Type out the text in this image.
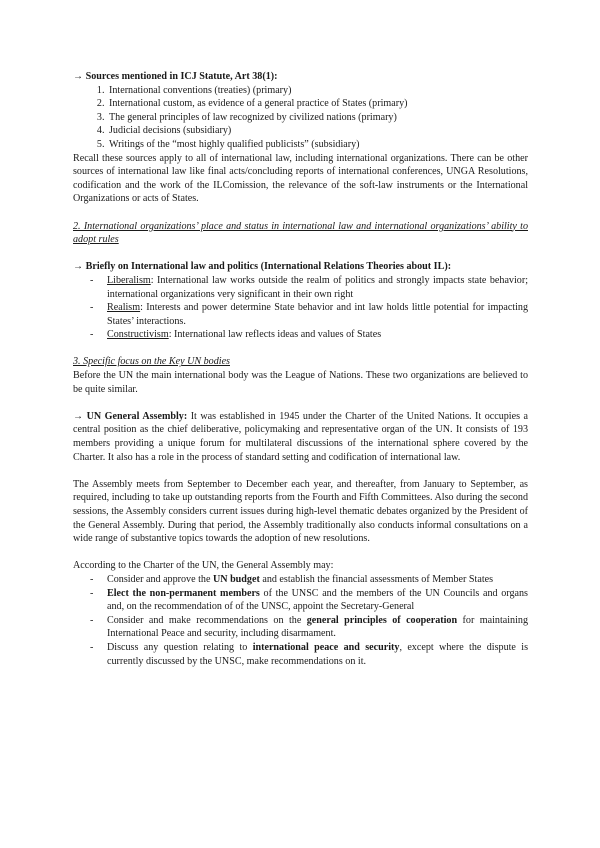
→ Sources mentioned in ICJ Statute, Art 38(1):

1. International conventions (treaties) (primary)
2. International custom, as evidence of a general practice of States (primary)
3. The general principles of law recognized by civilized nations (primary)
4. Judicial decisions (subsidiary)
5. Writings of the “most highly qualified publicists” (subsidiary)

Recall these sources apply to all of international law, including international organizations. There can be other sources of international law like final acts/concluding reports of international conferences, UNGA Resolutions, codification and the work of the ILComission, the relevance of the soft-law instruments or the International Organizations or acts of States.

2. International organizations’ place and status in international law and international organizations’ ability to adopt rules

→ Briefly on International law and politics (International Relations Theories about IL):

- Liberalism: International law works outside the realm of politics and strongly impacts state behavior; international organizations very significant in their own right
- Realism: Interests and power determine State behavior and int law holds little potential for impacting States’ interactions.
- Constructivism: International law reflects ideas and values of States

3. Specific focus on the Key UN bodies

Before the UN the main international body was the League of Nations. These two organizations are believed to be quite similar.

→ UN General Assembly: It was established in 1945 under the Charter of the United Nations. It occupies a central position as the chief deliberative, policymaking and representative organ of the UN. It consists of 193 members providing a unique forum for multilateral discussions of the international sphere covered by the Charter. It also has a role in the process of standard setting and codification of international law.

The Assembly meets from September to December each year, and thereafter, from January to September, as required, including to take up outstanding reports from the Fourth and Fifth Committees. Also during the second sessions, the Assembly considers current issues during high-level thematic debates organized by the President of the General Assembly. During that period, the Assembly traditionally also conducts informal consultations on a wide range of substantive topics towards the adoption of new resolutions.

According to the Charter of the UN, the General Assembly may:

- Consider and approve the UN budget and establish the financial assessments of Member States
- Elect the non-permanent members of the UNSC and the members of the UN Councils and organs and, on the recommendation of of the UNSC, appoint the Secretary-General
- Consider and make recommendations on the general principles of cooperation for maintaining International Peace and security, including disarmament.
- Discuss any question relating to international peace and security, except where the dispute is currently discussed by the UNSC, make recommendations on it.
